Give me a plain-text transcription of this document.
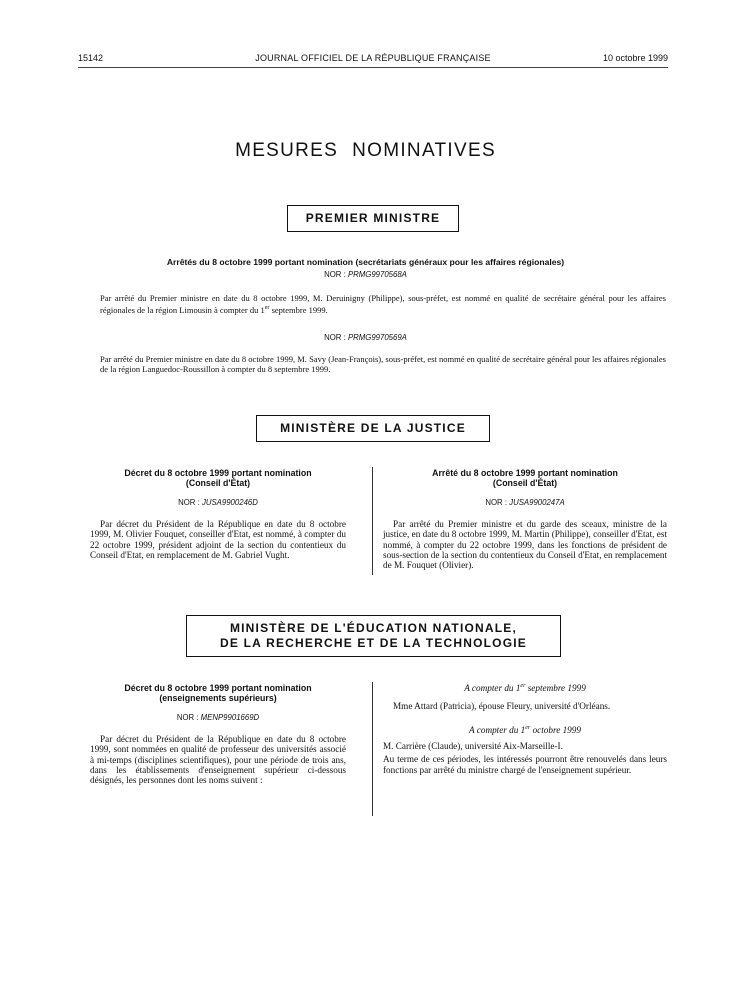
15142	JOURNAL OFFICIEL DE LA RÉPUBLIQUE FRANÇAISE	10 octobre 1999
MESURES NOMINATIVES
PREMIER MINISTRE
Arrêtés du 8 octobre 1999 portant nomination (secrétariats généraux pour les affaires régionales)
NOR : PRMG9970568A
Par arrêté du Premier ministre en date du 8 octobre 1999, M. Deruinigny (Philippe), sous-préfet, est nommé en qualité de secrétaire général pour les affaires régionales de la région Limousin à compter du 1er septembre 1999.
NOR : PRMG9970569A
Par arrêté du Premier ministre en date du 8 octobre 1999, M. Savy (Jean-François), sous-préfet, est nommé en qualité de secrétaire général pour les affaires régionales de la région Languedoc-Roussillon à compter du 8 septembre 1999.
MINISTÈRE DE LA JUSTICE
Décret du 8 octobre 1999 portant nomination
(Conseil d'État)
NOR : JUSA9900246D
Par décret du Président de la République en date du 8 octobre 1999, M. Olivier Fouquet, conseiller d'Etat, est nommé, à compter du 22 octobre 1999, président adjoint de la section du contentieux du Conseil d'Etat, en remplacement de M. Gabriel Vught.
Arrêté du 8 octobre 1999 portant nomination
(Conseil d'État)
NOR : JUSA9900247A
Par arrêté du Premier ministre et du garde des sceaux, ministre de la justice, en date du 8 octobre 1999, M. Martin (Philippe), conseiller d'Etat, est nommé, à compter du 22 octobre 1999, dans les fonctions de président de sous-section de la section du contentieux du Conseil d'Etat, en remplacement de M. Fouquet (Olivier).
MINISTÈRE DE L'ÉDUCATION NATIONALE,
DE LA RECHERCHE ET DE LA TECHNOLOGIE
Décret du 8 octobre 1999 portant nomination
(enseignements supérieurs)
NOR : MENP9901669D
Par décret du Président de la République en date du 8 octobre 1999, sont nommées en qualité de professeur des universités associé à mi-temps (disciplines scientifiques), pour une période de trois ans, dans les établissements d'enseignement supérieur ci-dessous désignés, les personnes dont les noms suivent :
A compter du 1er septembre 1999
Mme Attard (Patricia), épouse Fleury, université d'Orléans.
A compter du 1er octobre 1999
M. Carrière (Claude), université Aix-Marseille-I.
Au terme de ces périodes, les intéressés pourront être renouvelés dans leurs fonctions par arrêté du ministre chargé de l'enseignement supérieur.
